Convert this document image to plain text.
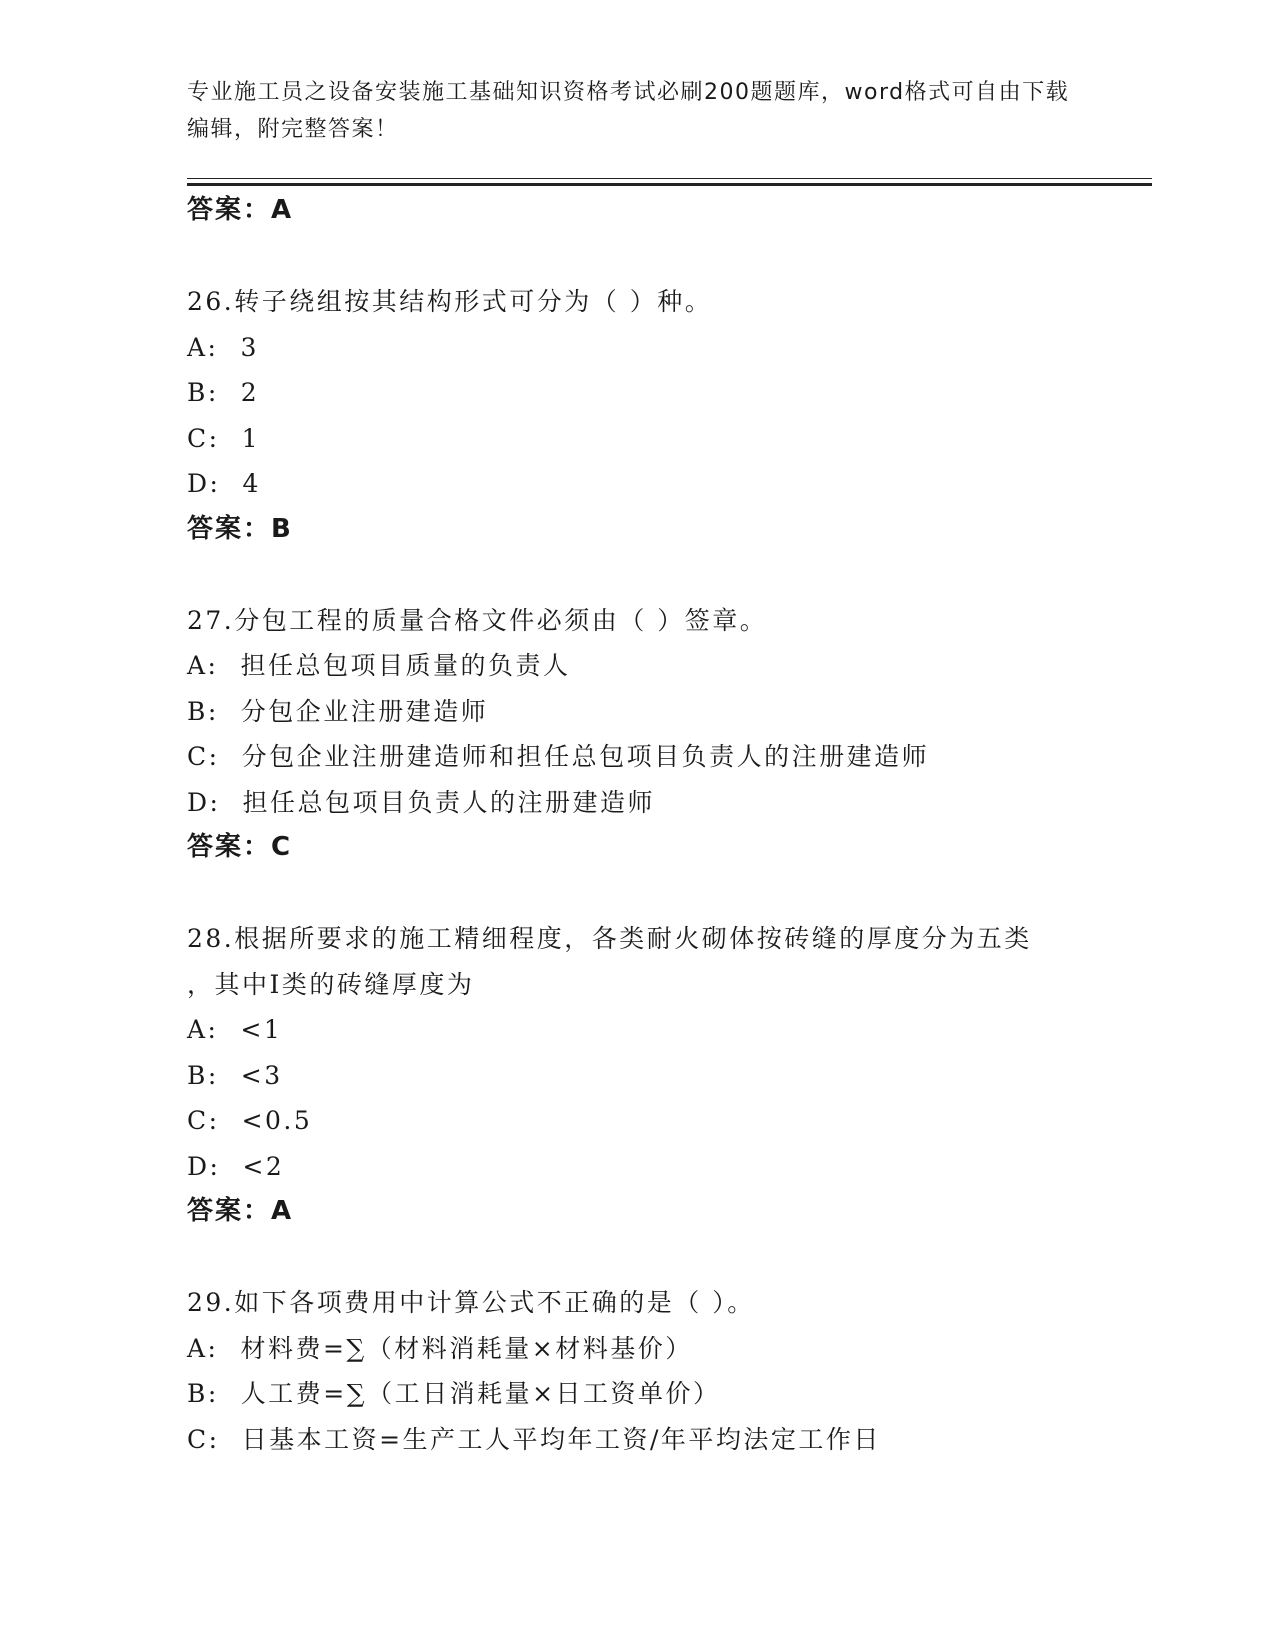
专业施工员之设备安装施工基础知识资格考试必刷200题题库，word格式可自由下载编辑，附完整答案！
答案：A
26.转子绕组按其结构形式可分为（ ）种。
A: 3
B: 2
C: 1
D: 4
答案：B
27.分包工程的质量合格文件必须由（ ）签章。
A: 担任总包项目质量的负责人
B: 分包企业注册建造师
C: 分包企业注册建造师和担任总包项目负责人的注册建造师
D: 担任总包项目负责人的注册建造师
答案：C
28.根据所要求的施工精细程度，各类耐火砌体按砖缝的厚度分为五类
，其中Ⅰ类的砖缝厚度为
A: <1
B: <3
C: <0.5
D: <2
答案：A
29.如下各项费用中计算公式不正确的是（ ）。
A: 材料费=∑（材料消耗量×材料基价）
B: 人工费=∑（工日消耗量×日工资单价）
C: 日基本工资=生产工人平均年工资/年平均法定工作日
